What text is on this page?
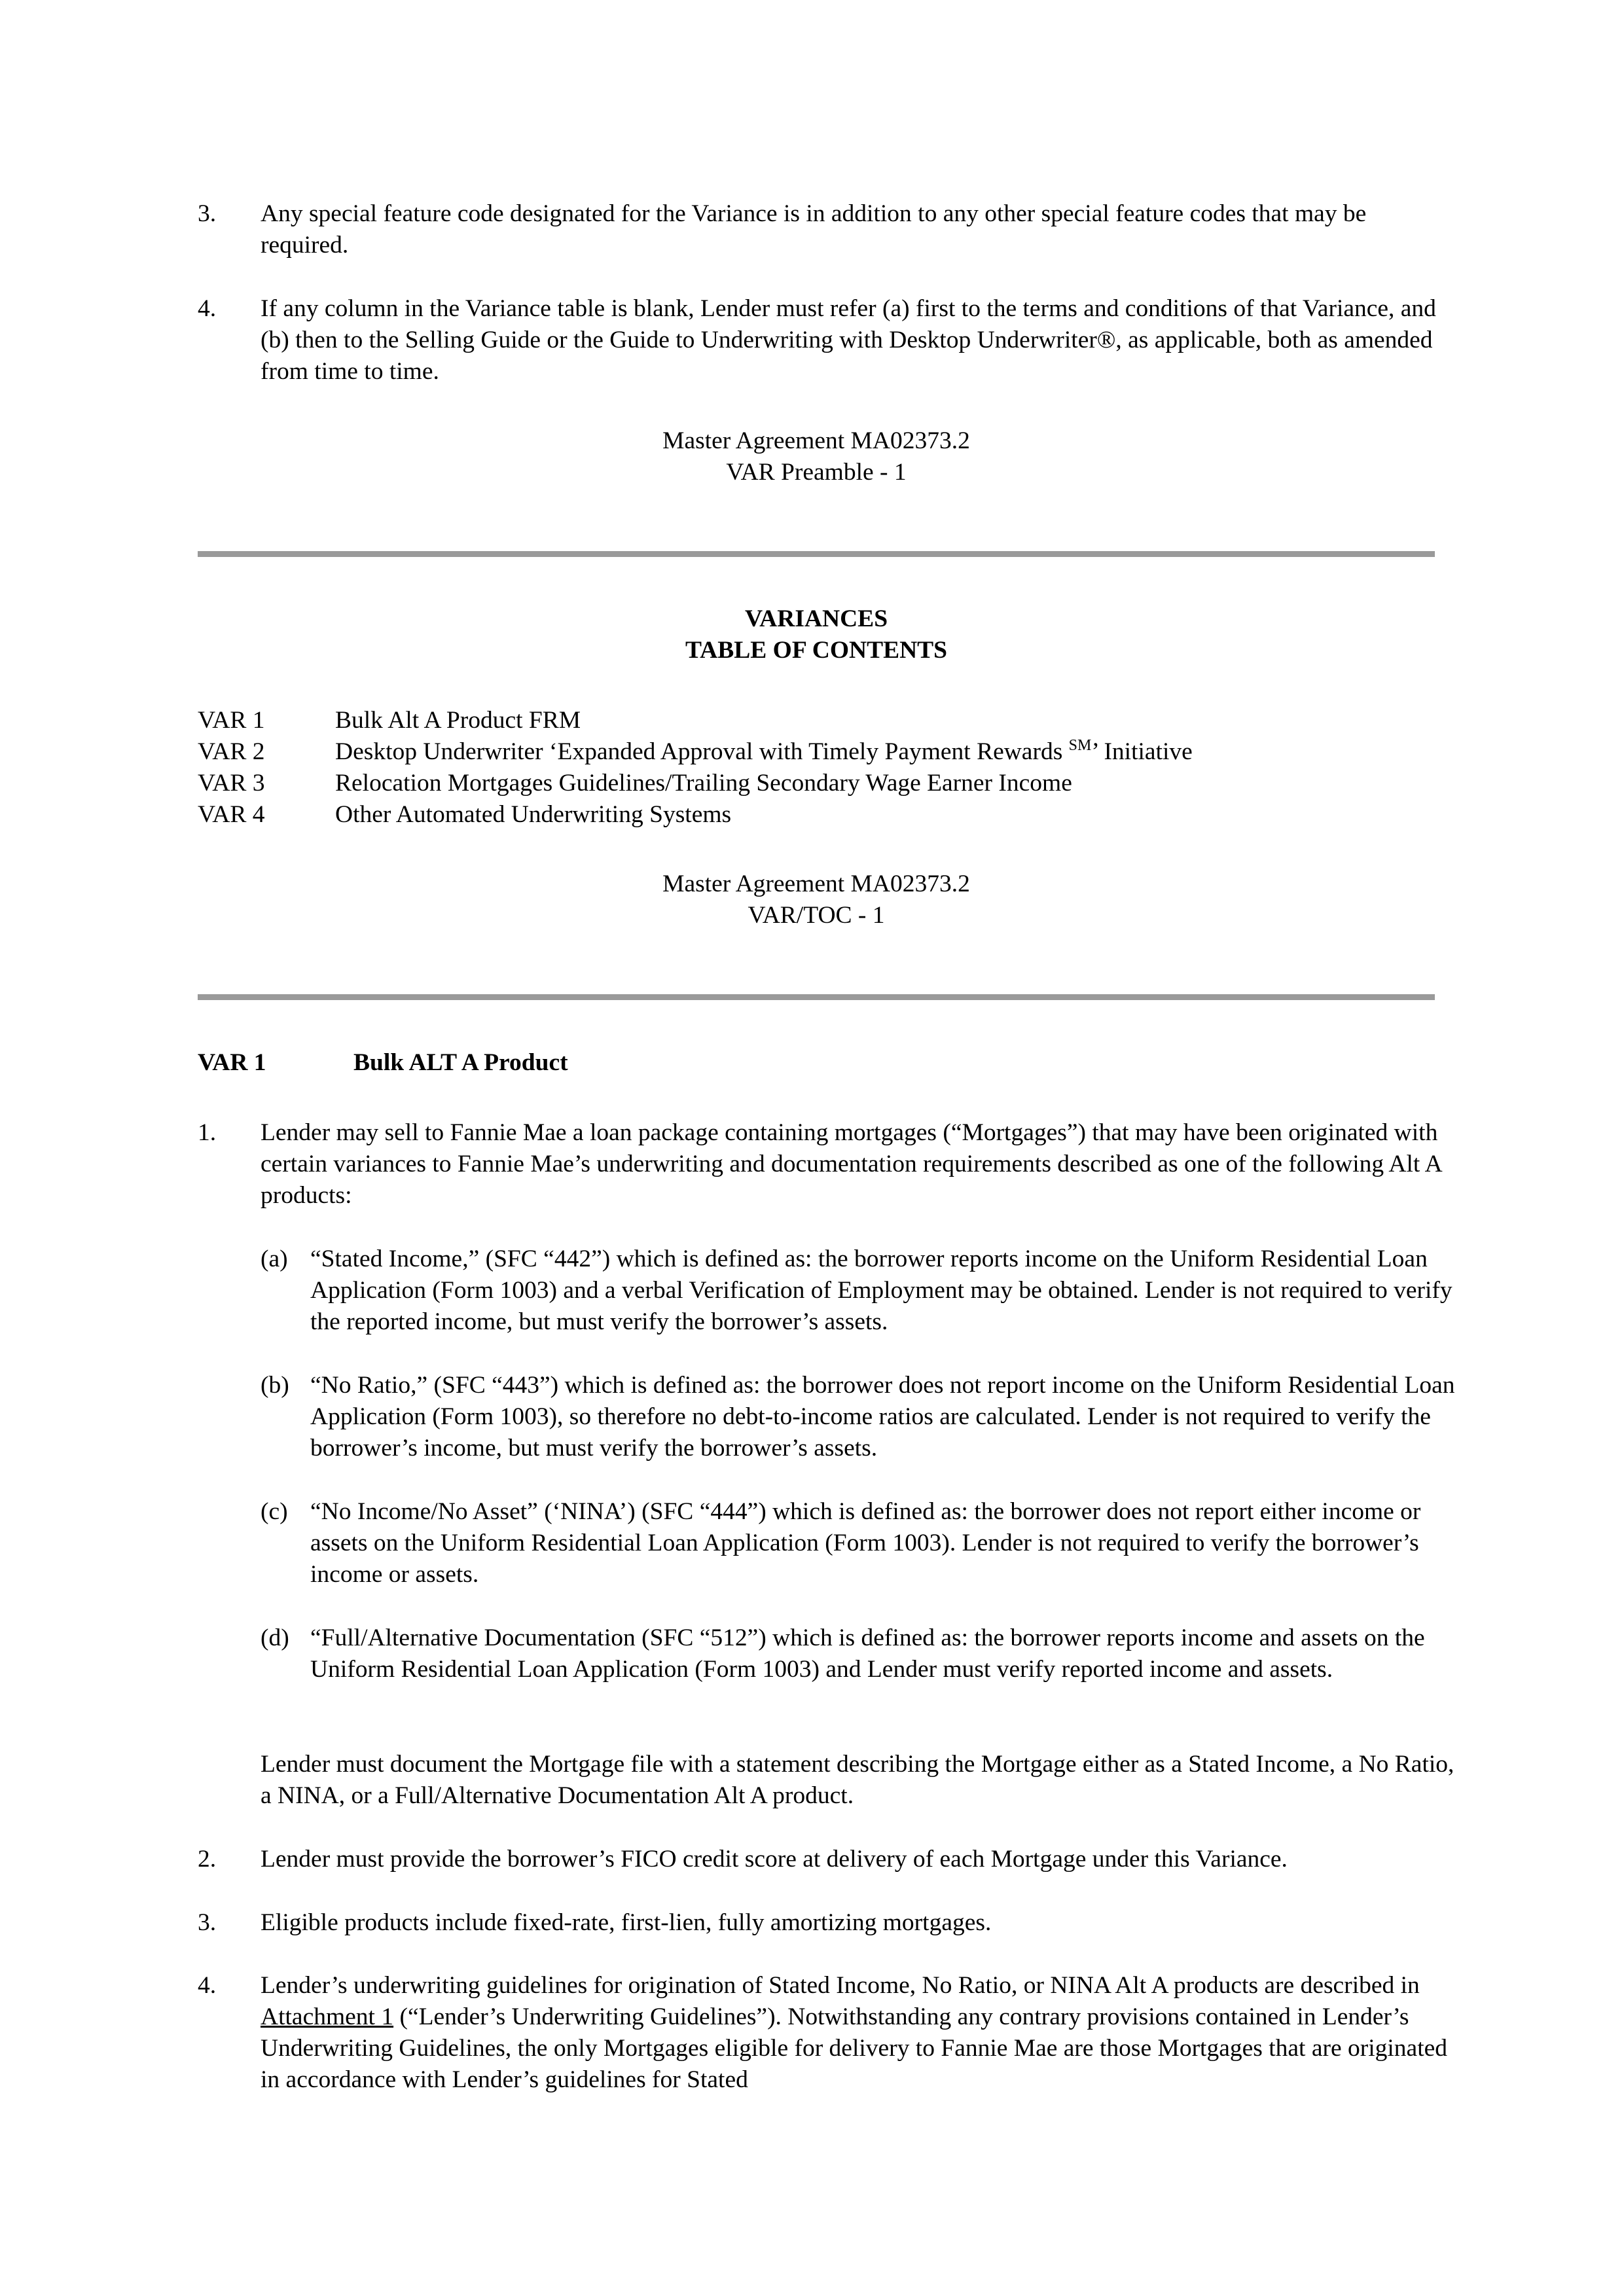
3. Any special feature code designated for the Variance is in addition to any other special feature codes that may be required.
4. If any column in the Variance table is blank, Lender must refer (a) first to the terms and conditions of that Variance, and (b) then to the Selling Guide or the Guide to Underwriting with Desktop Underwriter®, as applicable, both as amended from time to time.
Master Agreement MA02373.2
VAR Preamble - 1
VARIANCES
TABLE OF CONTENTS
VAR 1	Bulk Alt A Product FRM
VAR 2	Desktop Underwriter ‘Expanded Approval with Timely Payment Rewards ℠’ Initiative
VAR 3	Relocation Mortgages Guidelines/Trailing Secondary Wage Earner Income
VAR 4	Other Automated Underwriting Systems
Master Agreement MA02373.2
VAR/TOC - 1
VAR 1	Bulk ALT A Product
1. Lender may sell to Fannie Mae a loan package containing mortgages (“Mortgages”) that may have been originated with certain variances to Fannie Mae’s underwriting and documentation requirements described as one of the following Alt A products:
(a) “Stated Income,” (SFC “442”) which is defined as: the borrower reports income on the Uniform Residential Loan Application (Form 1003) and a verbal Verification of Employment may be obtained. Lender is not required to verify the reported income, but must verify the borrower’s assets.
(b) “No Ratio,” (SFC “443”) which is defined as: the borrower does not report income on the Uniform Residential Loan Application (Form 1003), so therefore no debt-to-income ratios are calculated. Lender is not required to verify the borrower’s income, but must verify the borrower’s assets.
(c) “No Income/No Asset” (‘NINA’) (SFC “444”) which is defined as: the borrower does not report either income or assets on the Uniform Residential Loan Application (Form 1003). Lender is not required to verify the borrower’s income or assets.
(d) “Full/Alternative Documentation (SFC “512”) which is defined as: the borrower reports income and assets on the Uniform Residential Loan Application (Form 1003) and Lender must verify reported income and assets.
Lender must document the Mortgage file with a statement describing the Mortgage either as a Stated Income, a No Ratio, a NINA, or a Full/Alternative Documentation Alt A product.
2. Lender must provide the borrower’s FICO credit score at delivery of each Mortgage under this Variance.
3. Eligible products include fixed-rate, first-lien, fully amortizing mortgages.
4. Lender’s underwriting guidelines for origination of Stated Income, No Ratio, or NINA Alt A products are described in Attachment 1 (“Lender’s Underwriting Guidelines”). Notwithstanding any contrary provisions contained in Lender’s Underwriting Guidelines, the only Mortgages eligible for delivery to Fannie Mae are those Mortgages that are originated in accordance with Lender’s guidelines for Stated
